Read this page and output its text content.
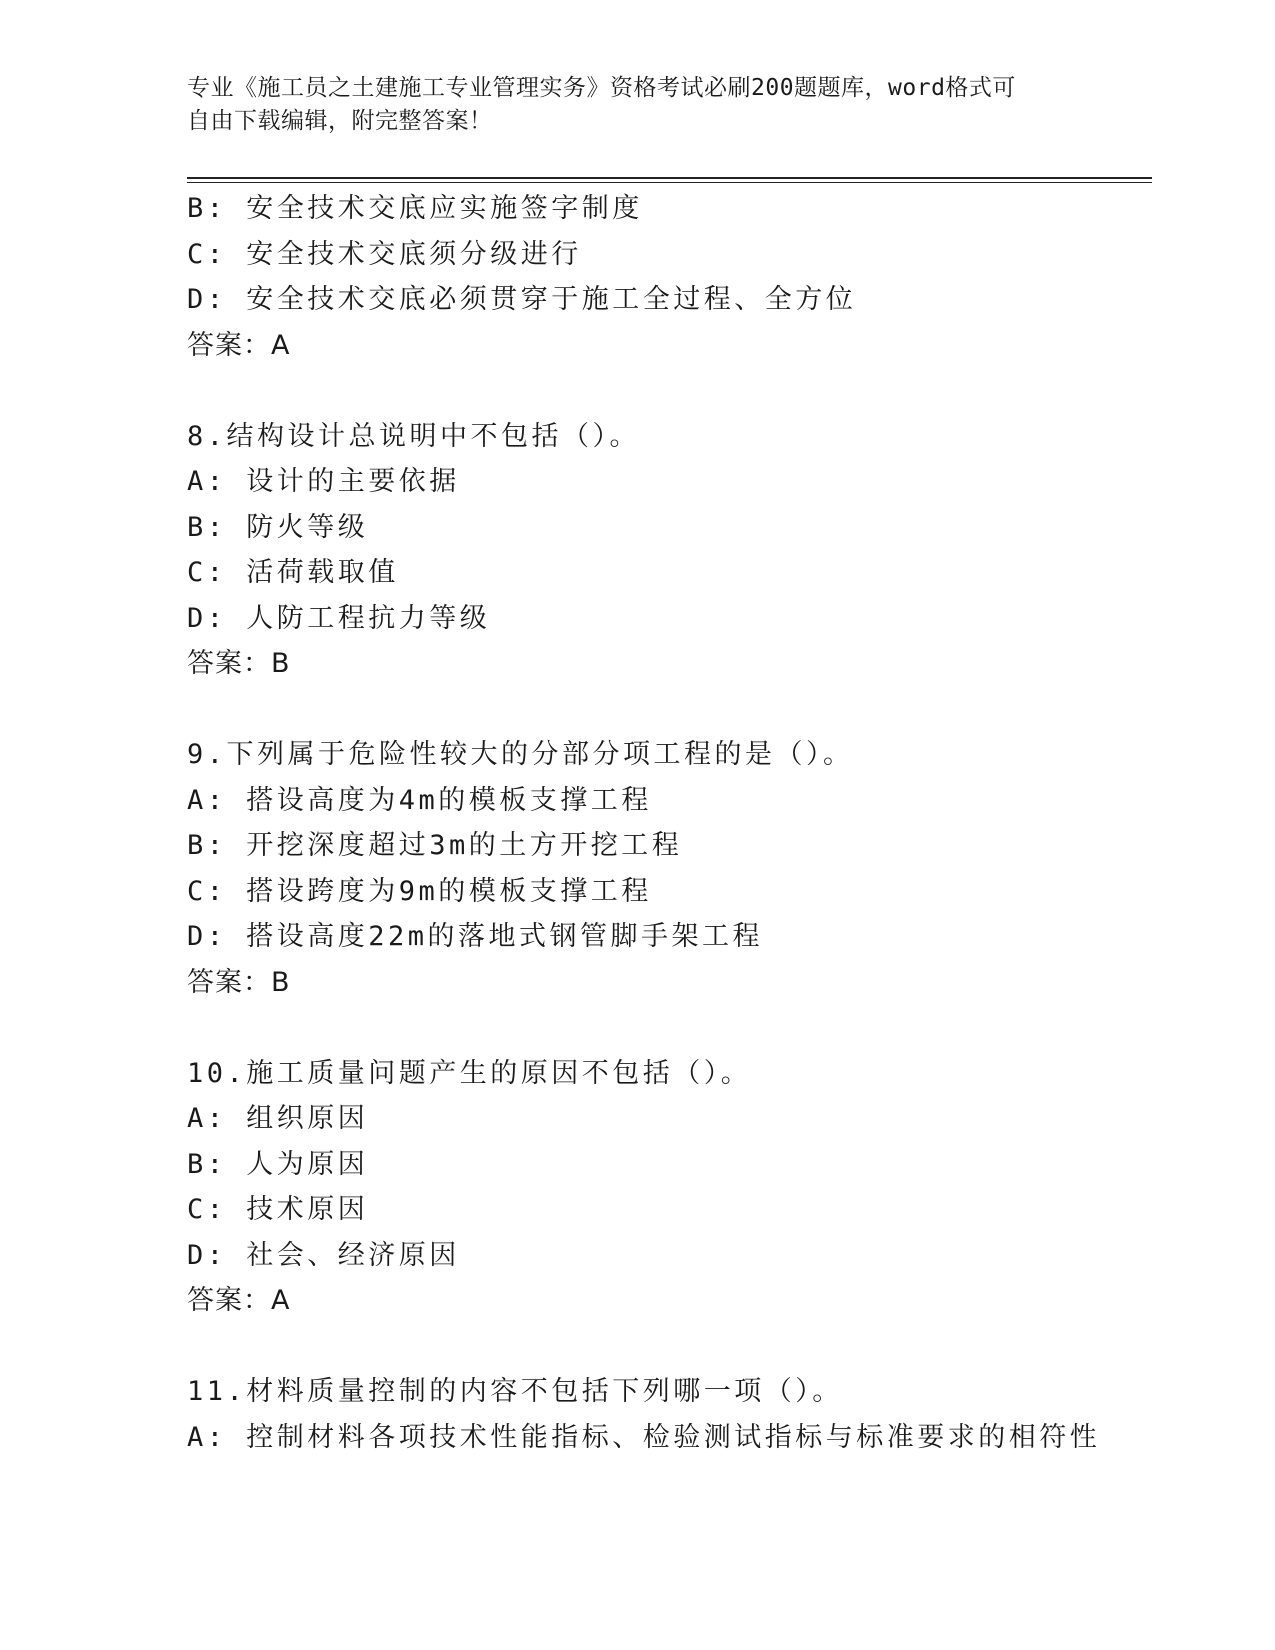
专业《施工员之土建施工专业管理实务》资格考试必刷200题题库，word格式可
自由下载编辑，附完整答案！
B: 安全技术交底应实施签字制度
C: 安全技术交底须分级进行
D: 安全技术交底必须贯穿于施工全过程、全方位
答案：A
8.结构设计总说明中不包括（）。
A: 设计的主要依据
B: 防火等级
C: 活荷载取值
D: 人防工程抗力等级
答案：B
9.下列属于危险性较大的分部分项工程的是（）。
A: 搭设高度为4m的模板支撑工程
B: 开挖深度超过3m的土方开挖工程
C: 搭设跨度为9m的模板支撑工程
D: 搭设高度22m的落地式钢管脚手架工程
答案：B
10.施工质量问题产生的原因不包括（）。
A: 组织原因
B: 人为原因
C: 技术原因
D: 社会、经济原因
答案：A
11.材料质量控制的内容不包括下列哪一项（）。
A: 控制材料各项技术性能指标、检验测试指标与标准要求的相符性
